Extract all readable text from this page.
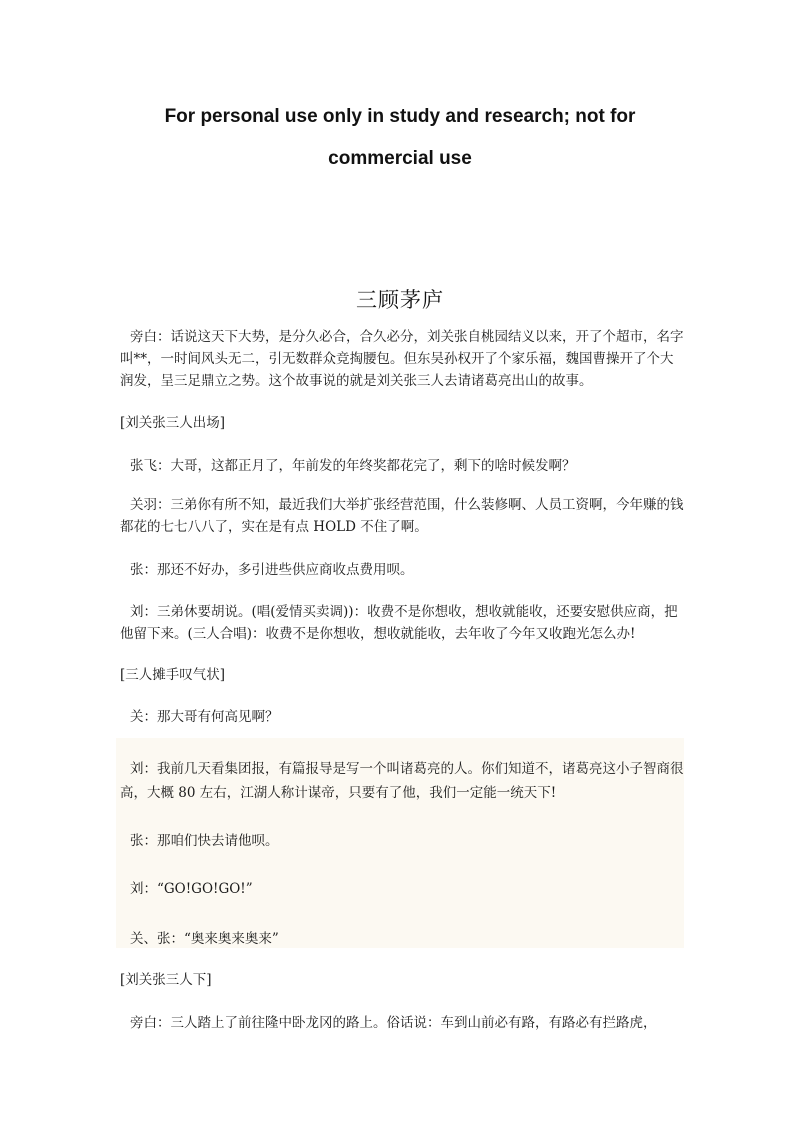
For personal use only in study and research; not for
commercial use
三顾茅庐

旁白：话说这天下大势，是分久必合，合久必分，刘关张自桃园结义以来，开了个超市，名字叫**，一时间风头无二，引无数群众竞掏腰包。但东吴孙权开了个家乐福，魏国曹操开了个大润发，呈三足鼎立之势。这个故事说的就是刘关张三人去请诸葛亮出山的故事。

[刘关张三人出场]

张飞：大哥，这都正月了，年前发的年终奖都花完了，剩下的啥时候发啊？

关羽：三弟你有所不知，最近我们大举扩张经营范围，什么装修啊、人员工资啊，今年赚的钱都花的七七八八了，实在是有点 HOLD 不住了啊。

张：那还不好办，多引进些供应商收点费用呗。

刘：三弟休要胡说。(唱(爱情买卖调))：收费不是你想收，想收就能收，还要安慰供应商，把他留下来。(三人合唱)：收费不是你想收，想收就能收，去年收了今年又收跑光怎么办!

[三人摊手叹气状]

关：那大哥有何高见啊？

刘：我前几天看集团报，有篇报导是写一个叫诸葛亮的人。你们知道不，诸葛亮这小子智商很高，大概 80 左右，江湖人称计谋帝，只要有了他，我们一定能一统天下!

张：那咱们快去请他呗。

刘：“GO!GO!GO!”

关、张：“奥来奥来奥来”

[刘关张三人下]

旁白：三人踏上了前往隆中卧龙冈的路上。俗话说：车到山前必有路，有路必有拦路虎，
